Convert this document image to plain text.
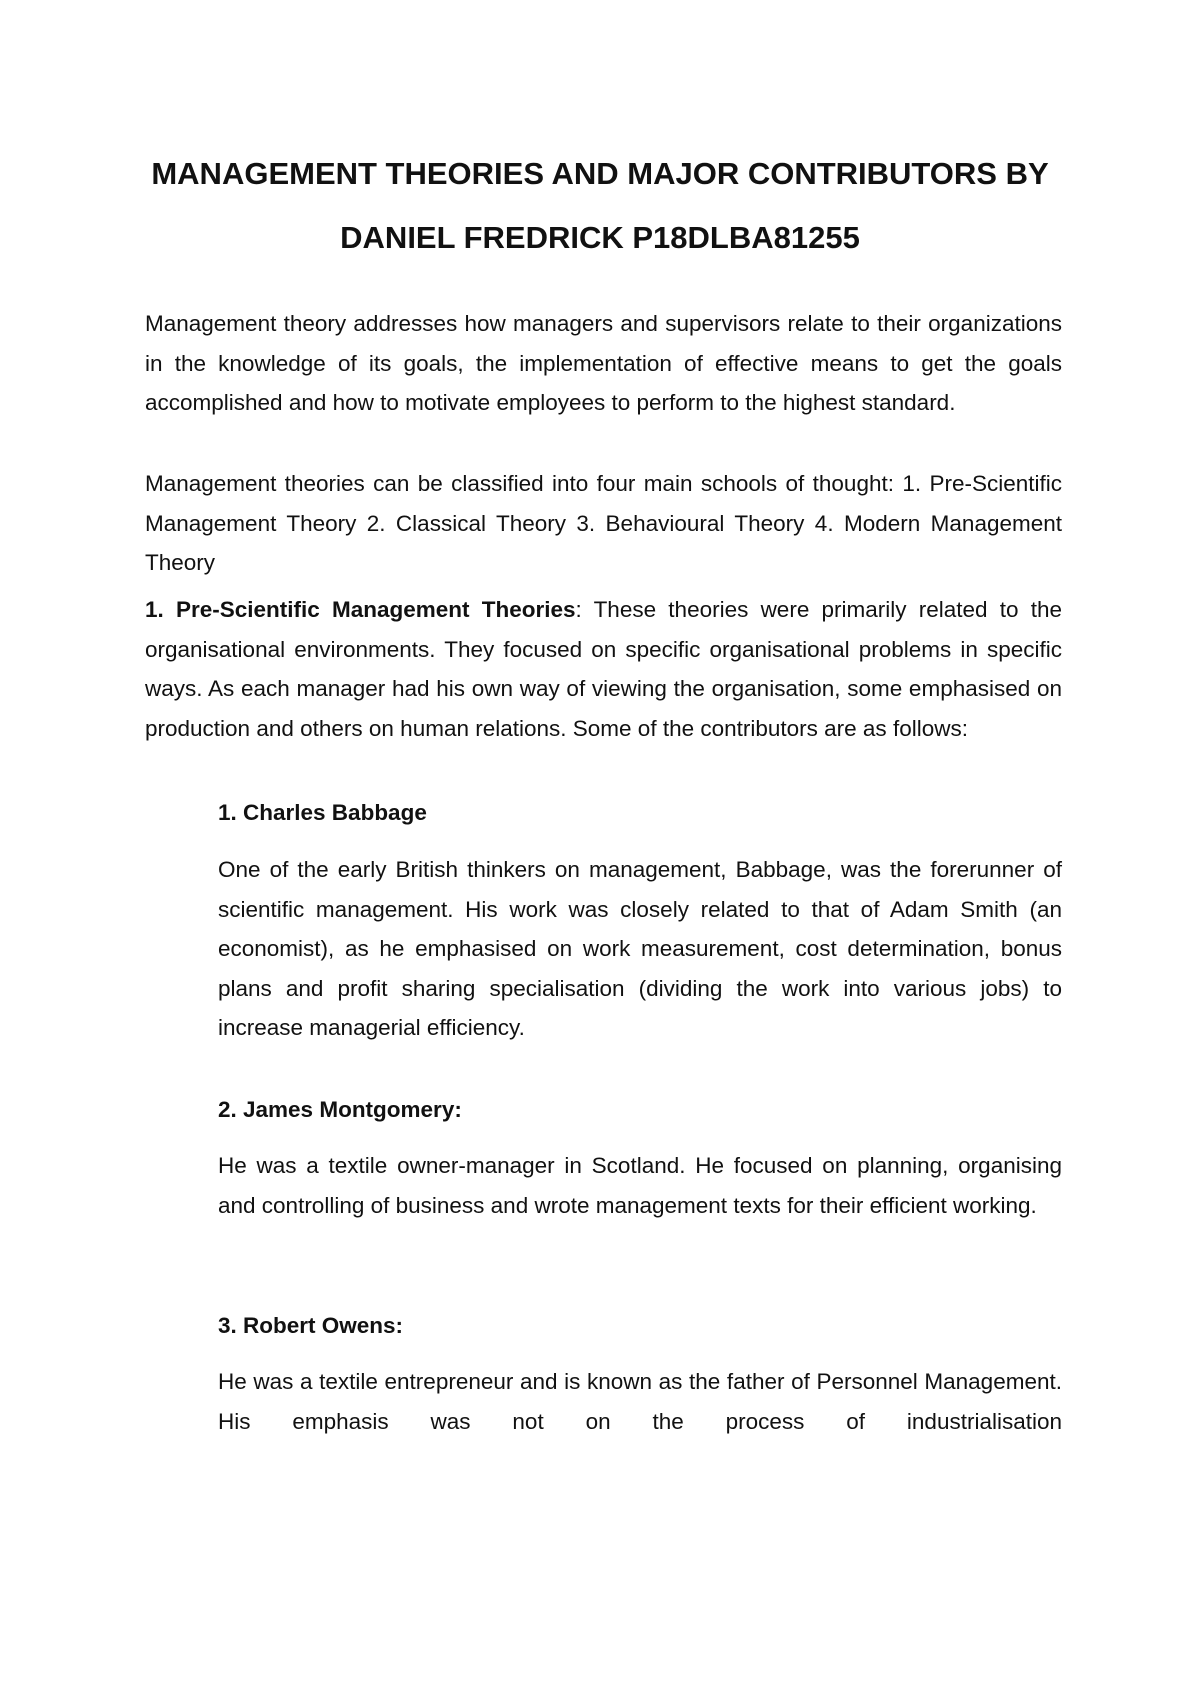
MANAGEMENT THEORIES AND MAJOR CONTRIBUTORS BY
DANIEL FREDRICK P18DLBA81255

Management theory addresses how managers and supervisors relate to their organizations in the knowledge of its goals, the implementation of effective means to get the goals accomplished and how to motivate employees to perform to the highest standard.

Management theories can be classified into four main schools of thought: 1. Pre-Scientific Management Theory 2. Classical Theory 3. Behavioural Theory 4. Modern Management Theory

1. Pre-Scientific Management Theories: These theories were primarily related to the organisational environments. They focused on specific organisational problems in specific ways. As each manager had his own way of viewing the organisation, some emphasised on production and others on human relations. Some of the contributors are as follows:

1. Charles Babbage

One of the early British thinkers on management, Babbage, was the forerunner of scientific management. His work was closely related to that of Adam Smith (an economist), as he emphasised on work measurement, cost determination, bonus plans and profit sharing specialisation (dividing the work into various jobs) to increase managerial efficiency.

2. James Montgomery:

He was a textile owner-manager in Scotland. He focused on planning, organising and controlling of business and wrote management texts for their efficient working.

3. Robert Owens:

He was a textile entrepreneur and is known as the father of Personnel Management. His emphasis was not on the process of industrialisation
